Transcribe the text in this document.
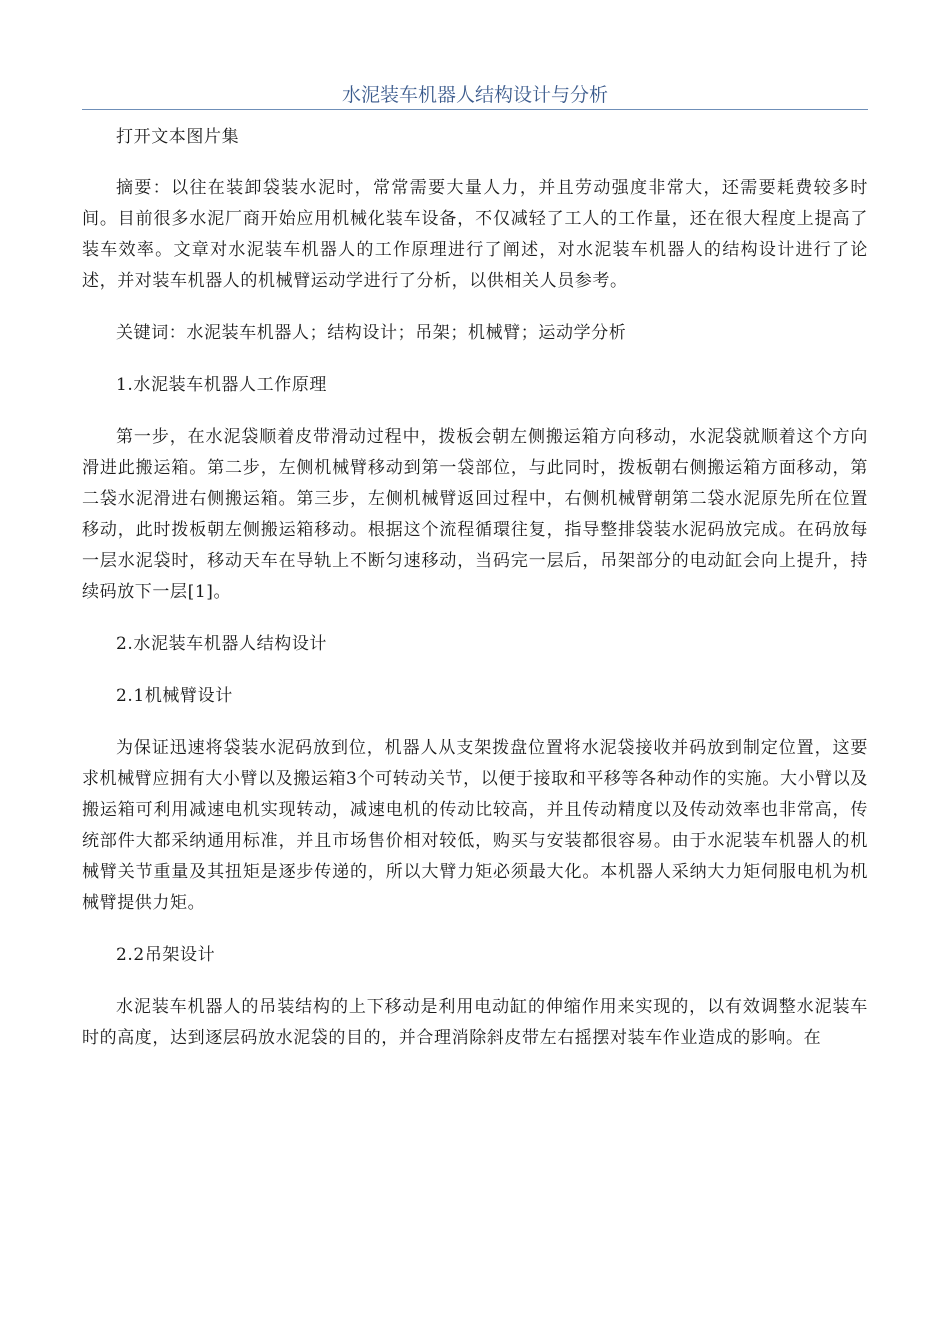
水泥装车机器人结构设计与分析

打开文本图片集

摘要：以往在装卸袋装水泥时，常常需要大量人力，并且劳动强度非常大，还需要耗费较多时间。目前很多水泥厂商开始应用机械化装车设备，不仅减轻了工人的工作量，还在很大程度上提高了装车效率。文章对水泥装车机器人的工作原理进行了阐述，对水泥装车机器人的结构设计进行了论述，并对装车机器人的机械臂运动学进行了分析，以供相关人员参考。

关键词：水泥装车机器人；结构设计；吊架；机械臂；运动学分析

1.水泥装车机器人工作原理

第一步，在水泥袋顺着皮带滑动过程中，拨板会朝左侧搬运箱方向移动，水泥袋就顺着这个方向滑进此搬运箱。第二步，左侧机械臂移动到第一袋部位，与此同时，拨板朝右侧搬运箱方面移动，第二袋水泥滑进右侧搬运箱。第三步，左侧机械臂返回过程中，右侧机械臂朝第二袋水泥原先所在位置移动，此时拨板朝左侧搬运箱移动。根据这个流程循環往复，指导整排袋装水泥码放完成。在码放每一层水泥袋时，移动天车在导轨上不断匀速移动，当码完一层后，吊架部分的电动缸会向上提升，持续码放下一层[1]。

2.水泥装车机器人结构设计

2.1机械臂设计

为保证迅速将袋装水泥码放到位，机器人从支架拨盘位置将水泥袋接收并码放到制定位置，这要求机械臂应拥有大小臂以及搬运箱3个可转动关节，以便于接取和平移等各种动作的实施。大小臂以及搬运箱可利用减速电机实现转动，减速电机的传动比较高，并且传动精度以及传动效率也非常高，传统部件大都采纳通用标准，并且市场售价相对较低，购买与安装都很容易。由于水泥装车机器人的机械臂关节重量及其扭矩是逐步传递的，所以大臂力矩必须最大化。本机器人采纳大力矩伺服电机为机械臂提供力矩。

2.2吊架设计

水泥装车机器人的吊装结构的上下移动是利用电动缸的伸缩作用来实现的，以有效调整水泥装车时的高度，达到逐层码放水泥袋的目的，并合理消除斜皮带左右摇摆对装车作业造成的影响。在
